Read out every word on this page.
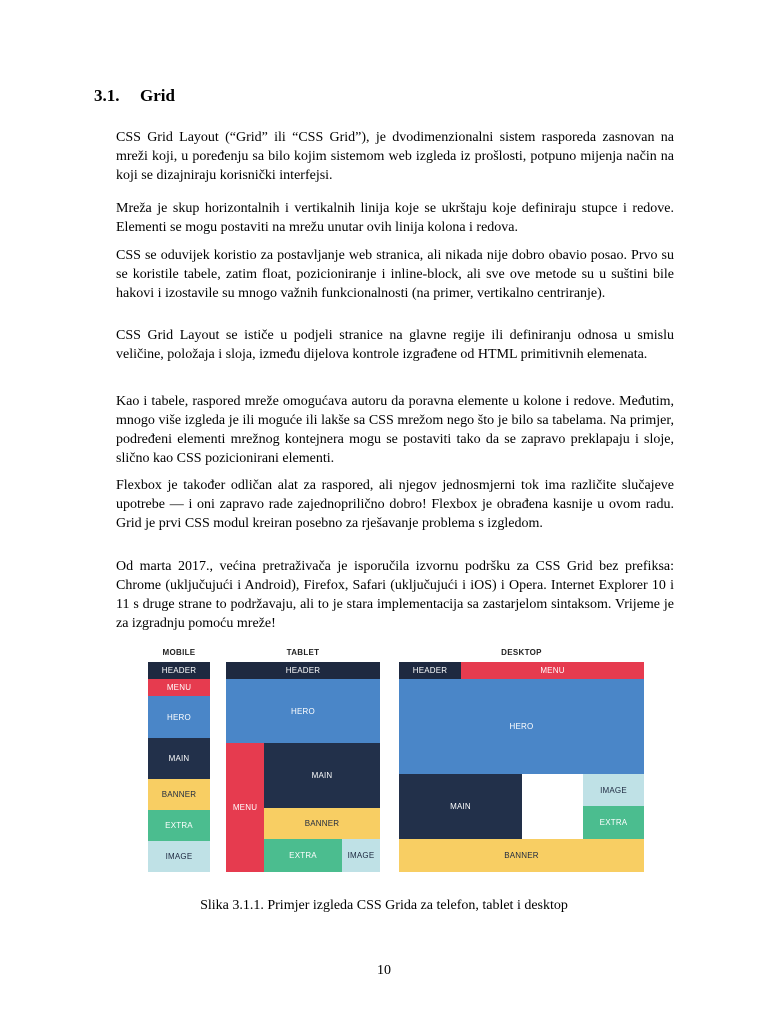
3.1. Grid

CSS Grid Layout (“Grid” ili “CSS Grid”), je dvodimenzionalni sistem rasporeda zasnovan na mreži koji, u poređenju sa bilo kojim sistemom web izgleda iz prošlosti, potpuno mijenja način na koji se dizajniraju korisnički interfejsi.

Mreža je skup horizontalnih i vertikalnih linija koje se ukrštaju koje definiraju stupce i redove. Elementi se mogu postaviti na mrežu unutar ovih linija kolona i redova.

CSS se oduvijek koristio za postavljanje web stranica, ali nikada nije dobro obavio posao. Prvo su se koristile tabele, zatim float, pozicioniranje i inline-block, ali sve ove metode su u suštini bile hakovi i izostavile su mnogo važnih funkcionalnosti (na primer, vertikalno centriranje).

CSS Grid Layout se ističe u podjeli stranice na glavne regije ili definiranju odnosa u smislu veličine, položaja i sloja, između dijelova kontrole izgrađene od HTML primitivnih elemenata.

Kao i tabele, raspored mreže omogućava autoru da poravna elemente u kolone i redove. Međutim, mnogo više izgleda je ili moguće ili lakše sa CSS mrežom nego što je bilo sa tabelama. Na primjer, podređeni elementi mrežnog kontejnera mogu se postaviti tako da se zapravo preklapaju i sloje, slično kao CSS pozicionirani elementi.

Flexbox je također odličan alat za raspored, ali njegov jednosmjerni tok ima različite slučajeve upotrebe — i oni zapravo rade zajednoprilično dobro! Flexbox je obrađena kasnije u ovom radu. Grid je prvi CSS modul kreiran posebno za rješavanje problema s izgledom.

Od marta 2017., većina pretraživača je isporučila izvornu podršku za CSS Grid bez prefiksa: Chrome (uključujući i Android), Firefox, Safari (uključujući i iOS) i Opera. Internet Explorer 10 i 11 s druge strane to podržavaju, ali to je stara implementacija sa zastarjelom sintaksom. Vrijeme je za izgradnju pomoću mreže!

MOBILE	TABLET	DESKTOP
HEADER
MENU
HERO
MAIN
BANNER
EXTRA
IMAGE
HEADER
HERO
MENU
MAIN
BANNER
EXTRA	IMAGE
HEADER	MENU
HERO
MAIN
IMAGE
EXTRA
BANNER
Slika 3.1.1. Primjer izgleda CSS Grida za telefon, tablet i desktop
10
